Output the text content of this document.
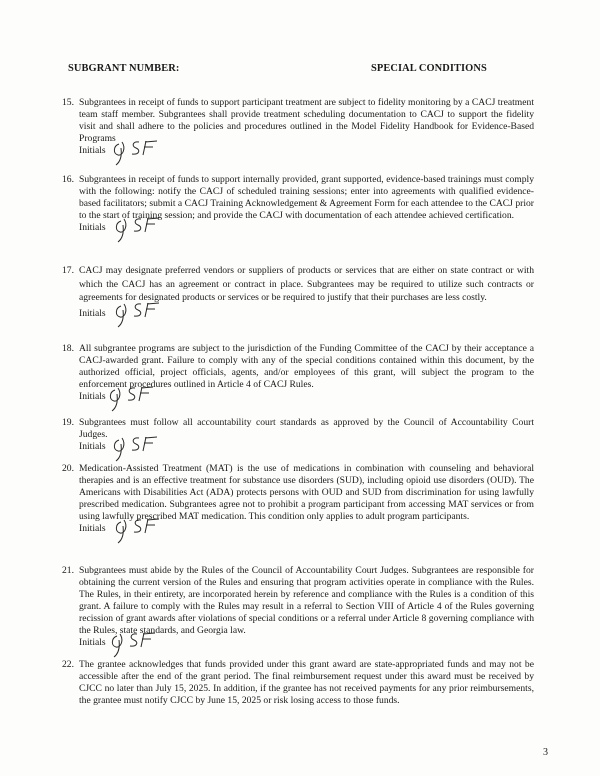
SUBGRANT NUMBER:	SPECIAL CONDITIONS
15. Subgrantees in receipt of funds to support participant treatment are subject to fidelity monitoring by a CACJ treatment team staff member. Subgrantees shall provide treatment scheduling documentation to CACJ to support the fidelity visit and shall adhere to the policies and procedures outlined in the Model Fidelity Handbook for Evidence-Based Programs
Initials
16. Subgrantees in receipt of funds to support internally provided, grant supported, evidence-based trainings must comply with the following: notify the CACJ of scheduled training sessions; enter into agreements with qualified evidence-based facilitators; submit a CACJ Training Acknowledgement & Agreement Form for each attendee to the CACJ prior to the start of training session; and provide the CACJ with documentation of each attendee achieved certification.
Initials
17. CACJ may designate preferred vendors or suppliers of products or services that are either on state contract or with which the CACJ has an agreement or contract in place. Subgrantees may be required to utilize such contracts or agreements for designated products or services or be required to justify that their purchases are less costly.
Initials
18. All subgrantee programs are subject to the jurisdiction of the Funding Committee of the CACJ by their acceptance a CACJ-awarded grant. Failure to comply with any of the special conditions contained within this document, by the authorized official, project officials, agents, and/or employees of this grant, will subject the program to the enforcement procedures outlined in Article 4 of CACJ Rules.
Initials
19. Subgrantees must follow all accountability court standards as approved by the Council of Accountability Court Judges.
Initials
20. Medication-Assisted Treatment (MAT) is the use of medications in combination with counseling and behavioral therapies and is an effective treatment for substance use disorders (SUD), including opioid use disorders (OUD). The Americans with Disabilities Act (ADA) protects persons with OUD and SUD from discrimination for using lawfully prescribed medication. Subgrantees agree not to prohibit a program participant from accessing MAT services or from using lawfully prescribed MAT medication. This condition only applies to adult program participants.
Initials
21. Subgrantees must abide by the Rules of the Council of Accountability Court Judges. Subgrantees are responsible for obtaining the current version of the Rules and ensuring that program activities operate in compliance with the Rules. The Rules, in their entirety, are incorporated herein by reference and compliance with the Rules is a condition of this grant. A failure to comply with the Rules may result in a referral to Section VIII of Article 4 of the Rules governing recission of grant awards after violations of special conditions or a referral under Article 8 governing compliance with the Rules, state standards, and Georgia law.
Initials
22. The grantee acknowledges that funds provided under this grant award are state-appropriated funds and may not be accessible after the end of the grant period. The final reimbursement request under this award must be received by CJCC no later than July 15, 2025. In addition, if the grantee has not received payments for any prior reimbursements, the grantee must notify CJCC by June 15, 2025 or risk losing access to those funds.
3
